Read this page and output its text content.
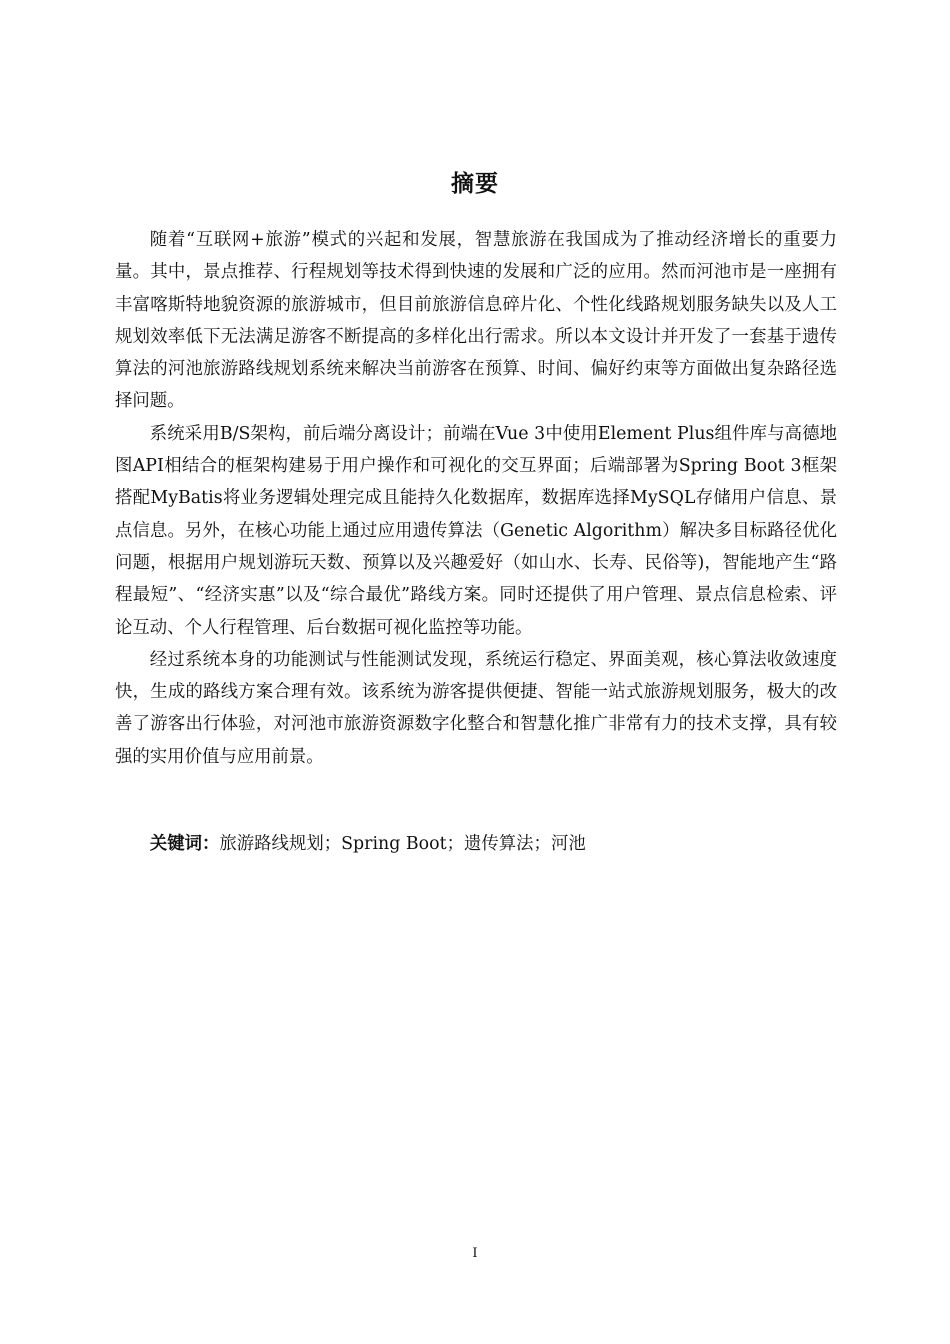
摘要

随着“互联网+旅游”模式的兴起和发展，智慧旅游在我国成为了推动经济增长的重要力量。其中，景点推荐、行程规划等技术得到快速的发展和广泛的应用。然而河池市是一座拥有丰富喀斯特地貌资源的旅游城市，但目前旅游信息碎片化、个性化线路规划服务缺失以及人工规划效率低下无法满足游客不断提高的多样化出行需求。所以本文设计并开发了一套基于遗传算法的河池旅游路线规划系统来解决当前游客在预算、时间、偏好约束等方面做出复杂路径选择问题。

系统采用B/S架构，前后端分离设计；前端在Vue 3中使用Element Plus组件库与高德地图API相结合的框架构建易于用户操作和可视化的交互界面；后端部署为Spring Boot 3框架搭配MyBatis将业务逻辑处理完成且能持久化数据库，数据库选择MySQL存储用户信息、景点信息。另外，在核心功能上通过应用遗传算法（Genetic Algorithm）解决多目标路径优化问题，根据用户规划游玩天数、预算以及兴趣爱好（如山水、长寿、民俗等)，智能地产生“路程最短”、“经济实惠”以及“综合最优”路线方案。同时还提供了用户管理、景点信息检索、评论互动、个人行程管理、后台数据可视化监控等功能。

经过系统本身的功能测试与性能测试发现，系统运行稳定、界面美观，核心算法收敛速度快，生成的路线方案合理有效。该系统为游客提供便捷、智能一站式旅游规划服务，极大的改善了游客出行体验，对河池市旅游资源数字化整合和智慧化推广非常有力的技术支撑，具有较强的实用价值与应用前景。

关键词：旅游路线规划；Spring Boot；遗传算法；河池
I
